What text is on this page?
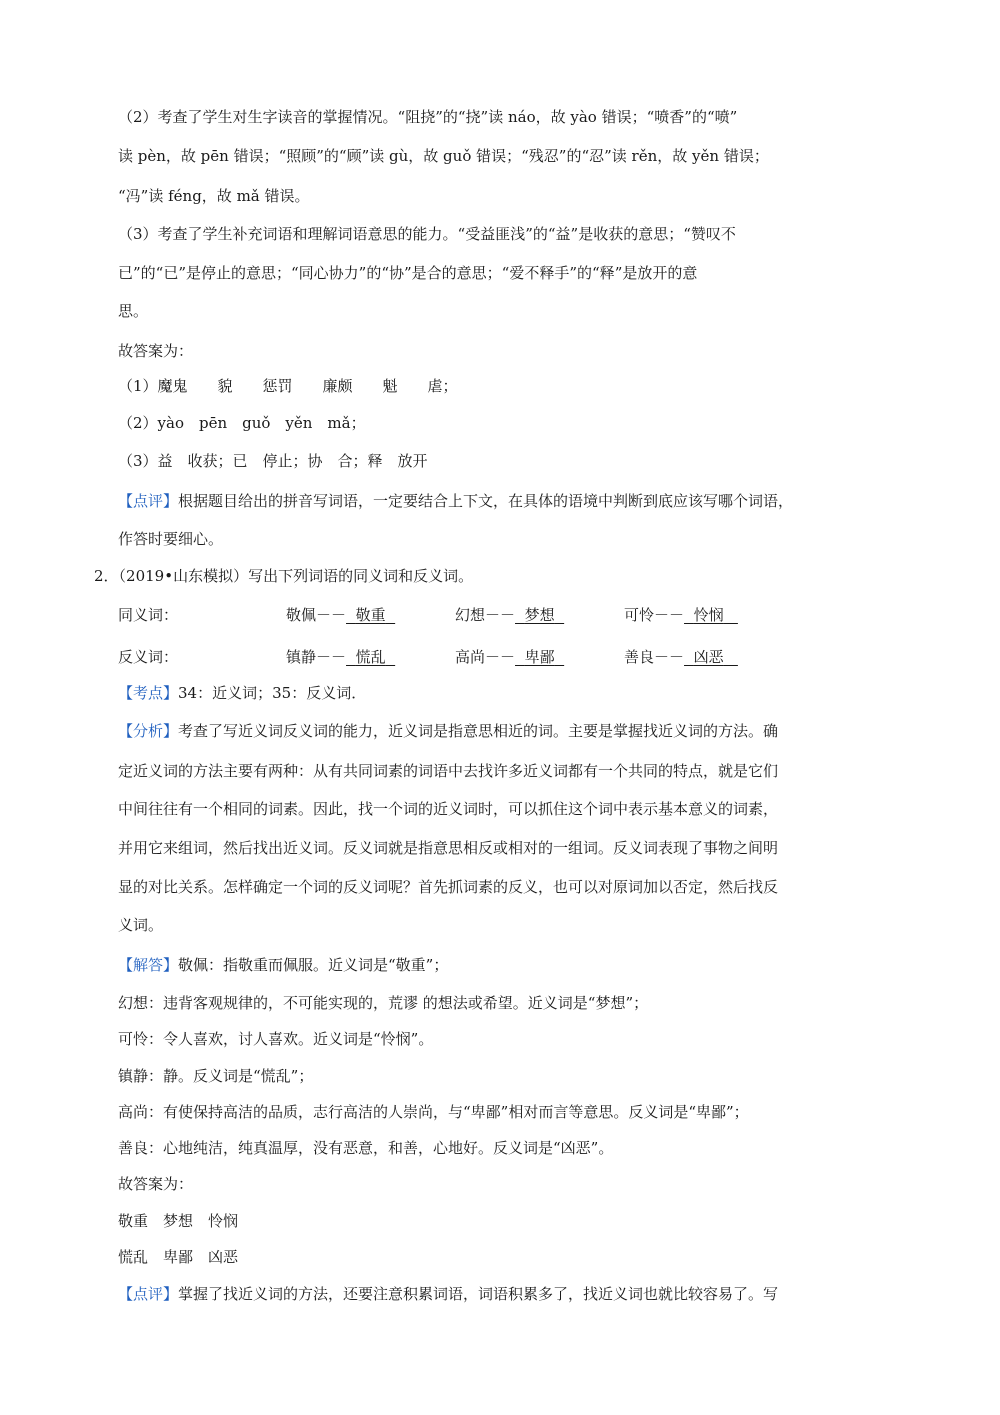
（2）考查了学生对生字读音的掌握情况。“阻挠”的“挠”读 náo，故 yào 错误；“喷香”的“喷”
读 pèn，故 pēn 错误；“照顾”的“顾”读 gù，故 guǒ 错误；“残忍”的“忍”读 rěn，故 yěn 错误；
“冯”读 féng，故 mǎ 错误。
（3）考查了学生补充词语和理解词语意思的能力。“受益匪浅”的“益”是收获的意思；“赞叹不
已”的“已”是停止的意思；“同心协力”的“协”是合的意思；“爱不释手”的“释”是放开的意
思。
故答案为：
（1）魔鬼　　貌　　惩罚　　廉颇　　魁　　虐；
（2）yào　pēn　guǒ　yěn　mǎ；
（3）益　收获；已　停止；协　合；释　放开
【点评】根据题目给出的拼音写词语，一定要结合上下文，在具体的语境中判断到底应该写哪个词语，
作答时要细心。
2．（2019•山东模拟）写出下列词语的同义词和反义词。
同义词：	敬佩－－ 敬重	幻想－－ 梦想	可怜－－ 怜悯
反义词：	镇静－－ 慌乱	高尚－－ 卑鄙	善良－－ 凶恶
【考点】34：近义词；35：反义词．
【分析】考查了写近义词反义词的能力，近义词是指意思相近的词。主要是掌握找近义词的方法。确
定近义词的方法主要有两种：从有共同词素的词语中去找许多近义词都有一个共同的特点，就是它们
中间往往有一个相同的词素。因此，找一个词的近义词时，可以抓住这个词中表示基本意义的词素，
并用它来组词，然后找出近义词。反义词就是指意思相反或相对的一组词。反义词表现了事物之间明
显的对比关系。怎样确定一个词的反义词呢？首先抓词素的反义，也可以对原词加以否定，然后找反
义词。
【解答】敬佩：指敬重而佩服。近义词是“敬重”；
幻想：违背客观规律的，不可能实现的，荒谬 的想法或希望。近义词是“梦想”；
可怜：令人喜欢，讨人喜欢。近义词是“怜悯”。
镇静：静。反义词是“慌乱”；
高尚：有使保持高洁的品质，志行高洁的人崇尚，与“卑鄙”相对而言等意思。反义词是“卑鄙”；
善良：心地纯洁，纯真温厚，没有恶意，和善，心地好。反义词是“凶恶”。
故答案为：
敬重　梦想　怜悯
慌乱　卑鄙　凶恶
【点评】掌握了找近义词的方法，还要注意积累词语，词语积累多了，找近义词也就比较容易了。写
